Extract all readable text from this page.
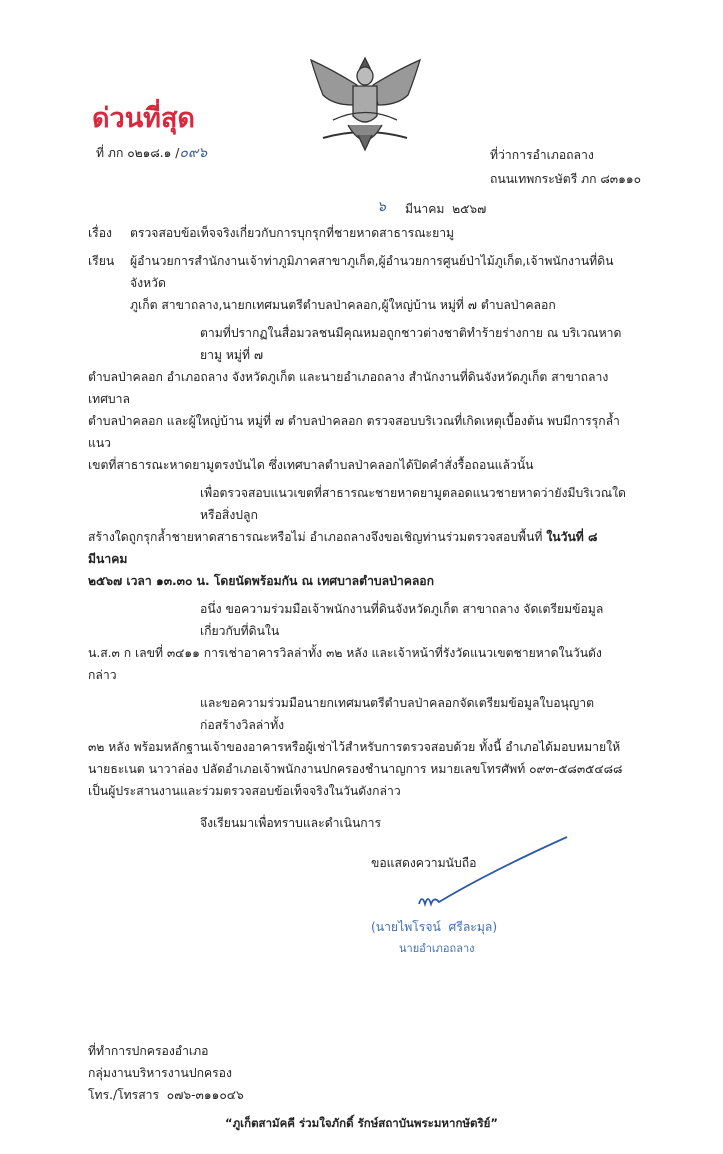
ด่วนที่สุด
ที่ ภก ๐๒๑๘.๑ /๐๙๖	ที่ว่าการอำเภอถลาง
ถนนเทพกระษัตรี ภก ๘๓๑๑๐
๖ มีนาคม  ๒๕๖๗
เรื่อง	ตรวจสอบข้อเท็จจริงเกี่ยวกับการบุกรุกที่ชายหาดสาธารณะยามู
เรียน	ผู้อำนวยการสำนักงานเจ้าท่าภูมิภาคสาขาภูเก็ต,ผู้อำนวยการศูนย์ป่าไม้ภูเก็ต,เจ้าพนักงานที่ดินจังหวัด
ภูเก็ต สาขาถลาง,นายกเทศมนตรีตำบลป่าคลอก,ผู้ใหญ่บ้าน หมู่ที่ ๗ ตำบลป่าคลอก
ตามที่ปรากฏในสื่อมวลชนมีคุณหมอถูกชาวต่างชาติทำร้ายร่างกาย ณ บริเวณหาดยามู หมู่ที่ ๗
ตำบลป่าคลอก อำเภอถลาง จังหวัดภูเก็ต และนายอำเภอถลาง สำนักงานที่ดินจังหวัดภูเก็ต สาขาถลาง เทศบาล
ตำบลป่าคลอก และผู้ใหญ่บ้าน หมู่ที่ ๗ ตำบลป่าคลอก ตรวจสอบบริเวณที่เกิดเหตุเบื้องต้น พบมีการรุกล้ำแนว
เขตที่สาธารณะหาดยามูตรงบันได ซึ่งเทศบาลตำบลป่าคลอกได้ปิดคำสั่งรื้อถอนแล้วนั้น
เพื่อตรวจสอบแนวเขตที่สาธารณะชายหาดยามูตลอดแนวชายหาดว่ายังมีบริเวณใดหรือสิ่งปลูก
สร้างใดถูกรุกล้ำชายหาดสาธารณะหรือไม่ อำเภอถลางจึงขอเชิญท่านร่วมตรวจสอบพื้นที่ ในวันที่ ๘ มีนาคม
๒๕๖๗ เวลา ๑๓.๓๐ น. โดยนัดพร้อมกัน ณ เทศบาลตำบลป่าคลอก
อนึ่ง ขอความร่วมมือเจ้าพนักงานที่ดินจังหวัดภูเก็ต สาขาถลาง จัดเตรียมข้อมูลเกี่ยวกับที่ดินใน
น.ส.๓ ก เลขที่ ๓๔๑๑ การเช่าอาคารวิลล่าทั้ง ๓๒ หลัง และเจ้าหน้าที่รังวัดแนวเขตชายหาดในวันดังกล่าว
และขอความร่วมมือนายกเทศมนตรีตำบลป่าคลอกจัดเตรียมข้อมูลใบอนุญาตก่อสร้างวิลล่าทั้ง
๓๒ หลัง พร้อมหลักฐานเจ้าของอาคารหรือผู้เช่าไว้สำหรับการตรวจสอบด้วย ทั้งนี้ อำเภอได้มอบหมายให้
นายธะเนต นาวาล่อง ปลัดอำเภอเจ้าพนักงานปกครองชำนาญการ หมายเลขโทรศัพท์ ๐๙๓-๕๘๓๕๔๘๘
เป็นผู้ประสานงานและร่วมตรวจสอบข้อเท็จจริงในวันดังกล่าว
จึงเรียนมาเพื่อทราบและดำเนินการ
ขอแสดงความนับถือ
(นายไพโรจน์  ศรีละมุล)
นายอำเภอถลาง
ที่ทำการปกครองอำเภอ
กลุ่มงานบริหารงานปกครอง
โทร./โทรสาร  ๐๗๖-๓๑๑๐๔๖
“ภูเก็ตสามัคคี ร่วมใจภักดิ์ รักษ์สถาบันพระมหากษัตริย์”
